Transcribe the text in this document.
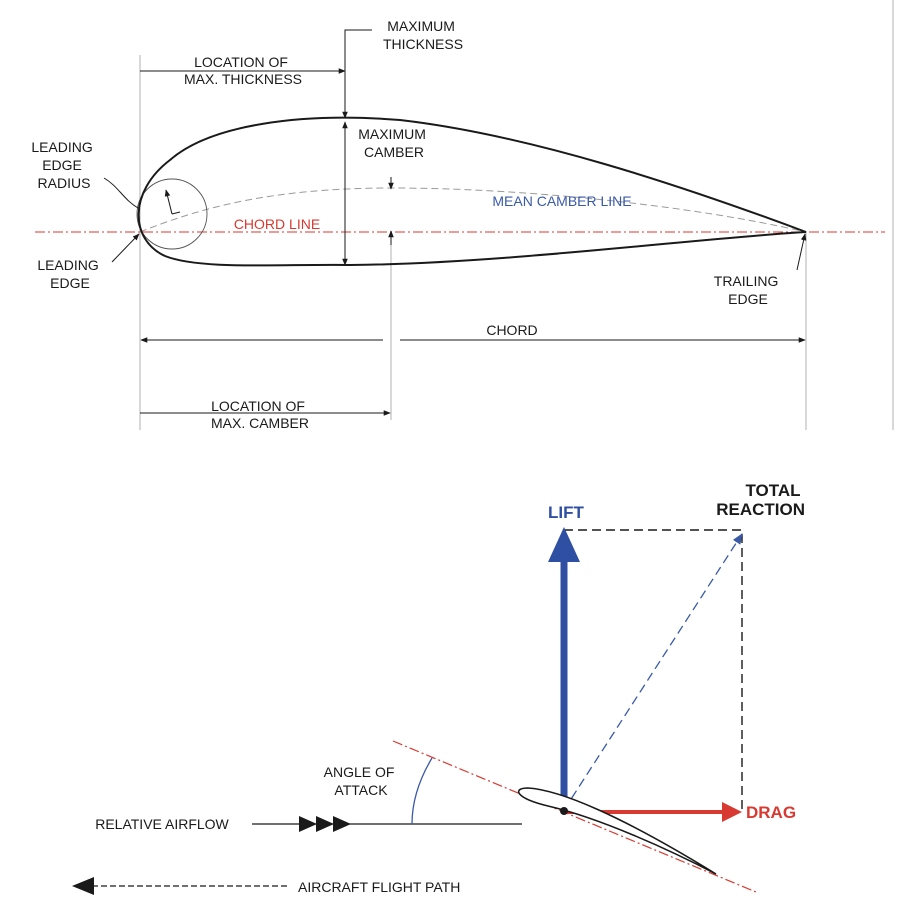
MAXIMUM THICKNESS
LOCATION OF MAX. THICKNESS
LEADING EDGE RADIUS
MAXIMUM CAMBER
MEAN CAMBER LINE
CHORD LINE
LEADING EDGE	TRAILING EDGE
CHORD
LOCATION OF MAX. CAMBER
TOTAL REACTION
LIFT
DRAG
ANGLE OF ATTACK
RELATIVE AIRFLOW
AIRCRAFT FLIGHT PATH
